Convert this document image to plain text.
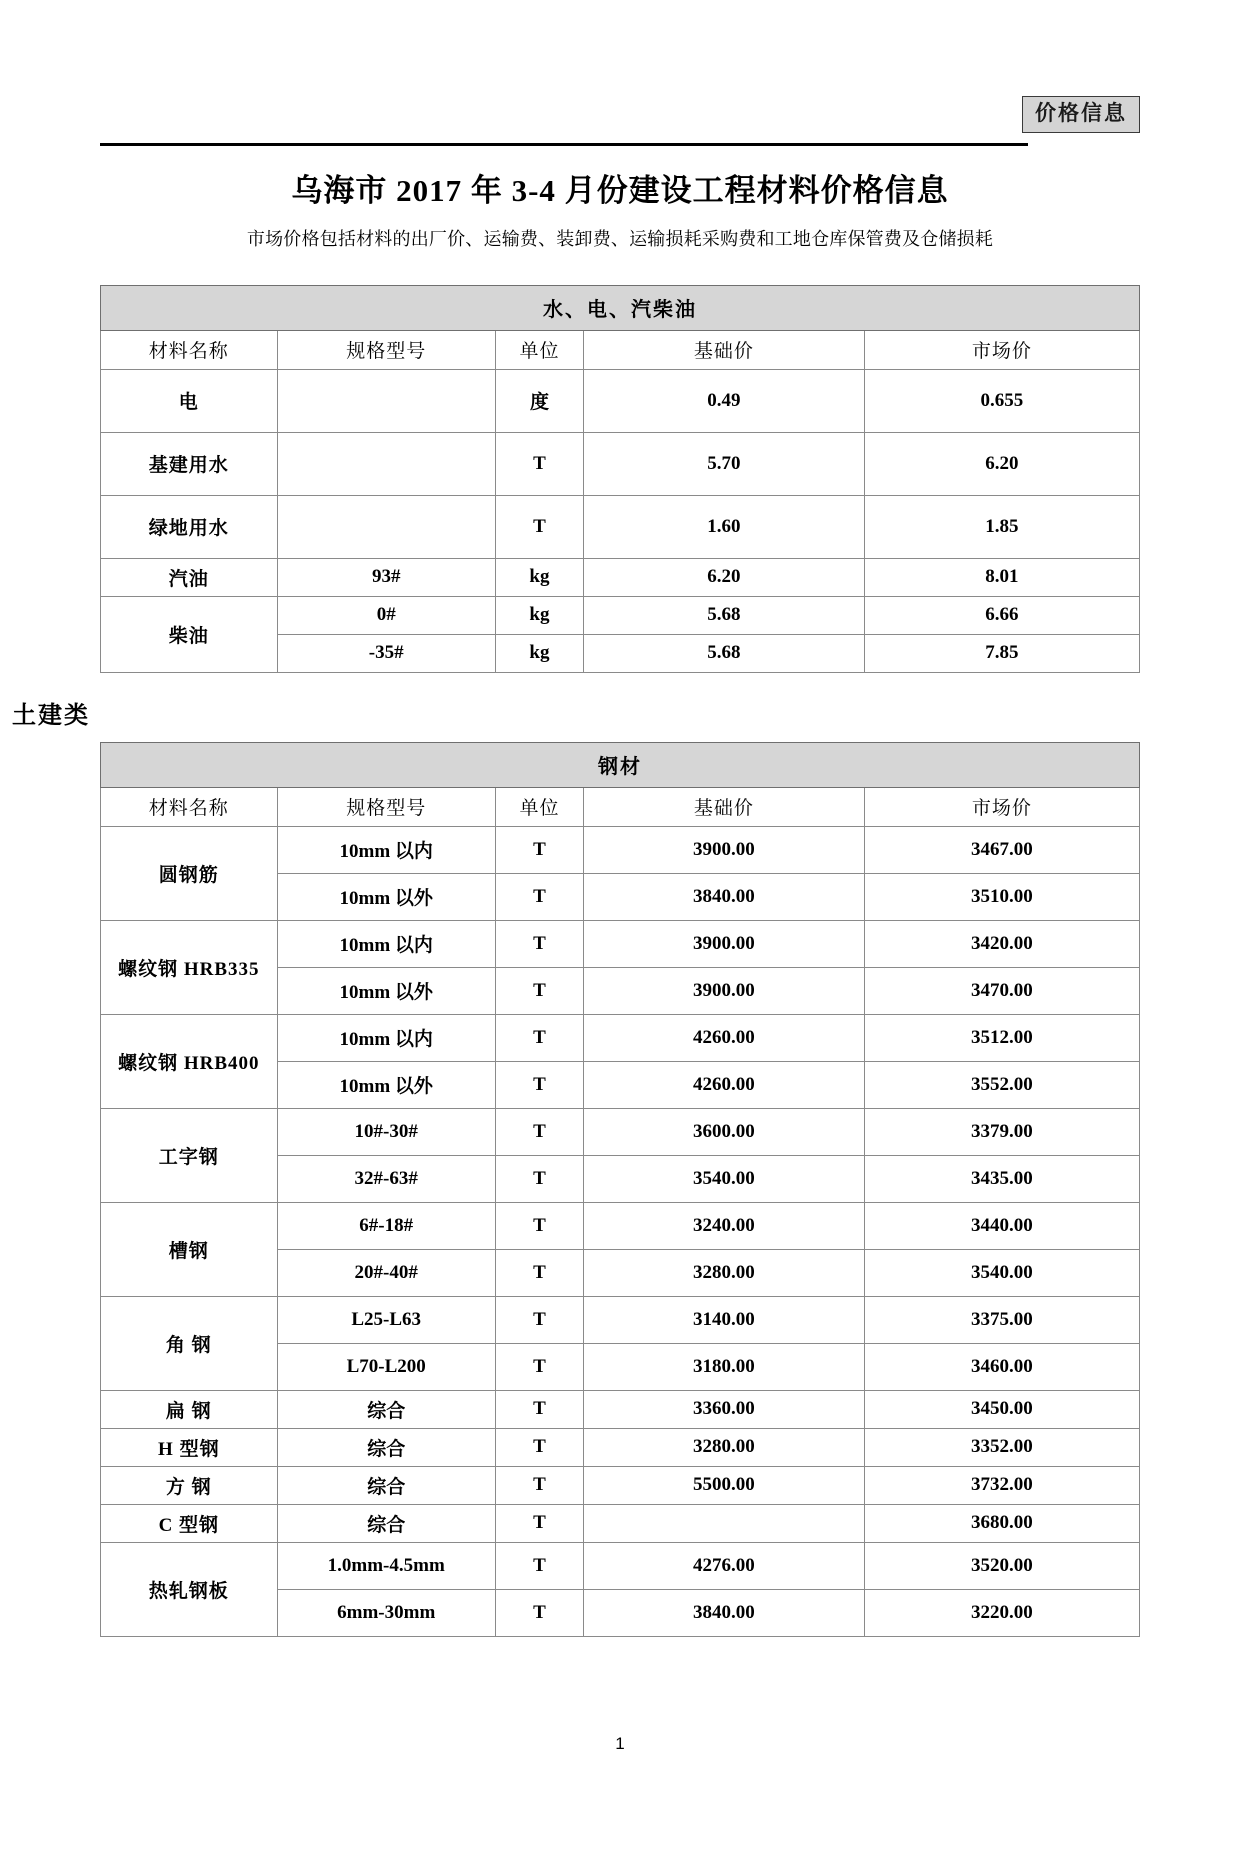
价格信息
乌海市 2017 年 3-4 月份建设工程材料价格信息

市场价格包括材料的出厂价、运输费、装卸费、运输损耗采购费和工地仓库保管费及仓储损耗

水、电、汽柴油				
材料名称	规格型号	单位	基础价	市场价
电		度	0.49	0.655
基建用水		T	5.70	6.20
绿地用水		T	1.60	1.85
汽油	93#	kg	6.20	8.01
柴油	0#	kg	5.68	6.66
	-35#	kg	5.68	7.85
土建类
钢材				
材料名称	规格型号	单位	基础价	市场价
圆钢筋	10mm 以内	T	3900.00	3467.00
	10mm 以外	T	3840.00	3510.00
螺纹钢 HRB335	10mm 以内	T	3900.00	3420.00
	10mm 以外	T	3900.00	3470.00
螺纹钢 HRB400	10mm 以内	T	4260.00	3512.00
	10mm 以外	T	4260.00	3552.00
工字钢	10#-30#	T	3600.00	3379.00
	32#-63#	T	3540.00	3435.00
槽钢	6#-18#	T	3240.00	3440.00
	20#-40#	T	3280.00	3540.00
角 钢	L25-L63	T	3140.00	3375.00
	L70-L200	T	3180.00	3460.00
扁 钢	综合	T	3360.00	3450.00
H 型钢	综合	T	3280.00	3352.00
方 钢	综合	T	5500.00	3732.00
C 型钢	综合	T		3680.00
热轧钢板	1.0mm-4.5mm	T	4276.00	3520.00
	6mm-30mm	T	3840.00	3220.00
1
